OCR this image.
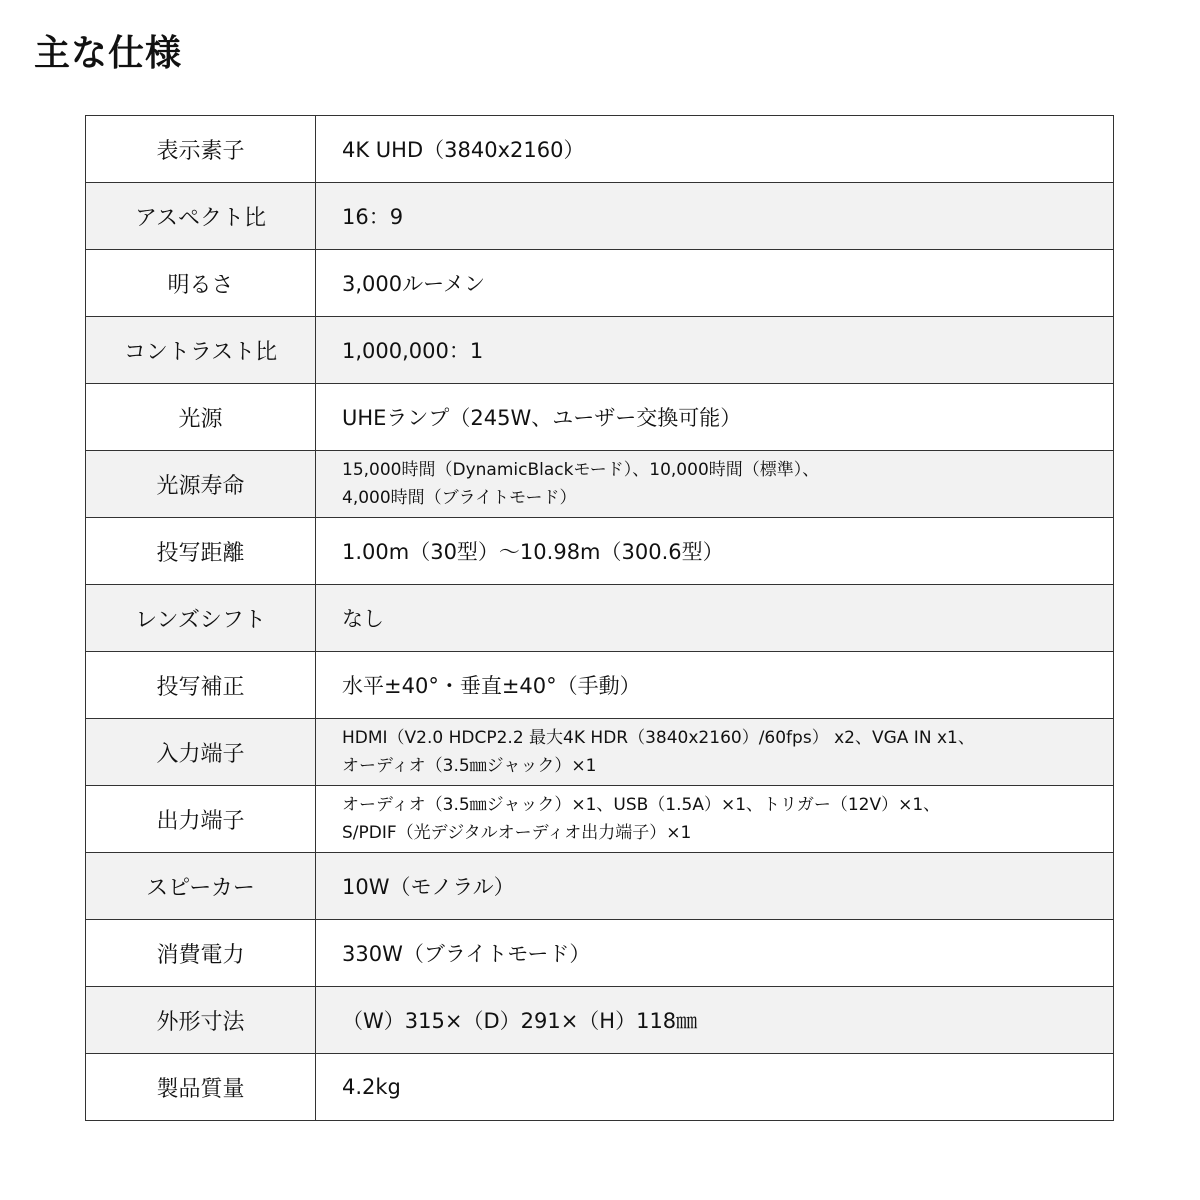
主な仕様
表示素子	4K UHD（3840x2160）
アスペクト比	16：9
明るさ	3,000ルーメン
コントラスト比	1,000,000：1
光源	UHEランプ（245W、ユーザー交換可能）
光源寿命	15,000時間（DynamicBlackモード）、10,000時間（標準）、
4,000時間（ブライトモード）

投写距離	1.00m（30型）～10.98m（300.6型）
レンズシフト	なし
投写補正	水平±40°・垂直±40°（手動）
入力端子	HDMI（V2.0 HDCP2.2 最大4K HDR（3840x2160）/60fps） x2、VGA IN x1、
オーディオ（3.5㎜ジャック）×1

出力端子	オーディオ（3.5㎜ジャック）×1、USB（1.5A）×1、トリガー（12V）×1、
S/PDIF（光デジタルオーディオ出力端子）×1

スピーカー	10W（モノラル）
消費電力	330W（ブライトモード）
外形寸法	（W）315×（D）291×（H）118㎜
製品質量	4.2kg
